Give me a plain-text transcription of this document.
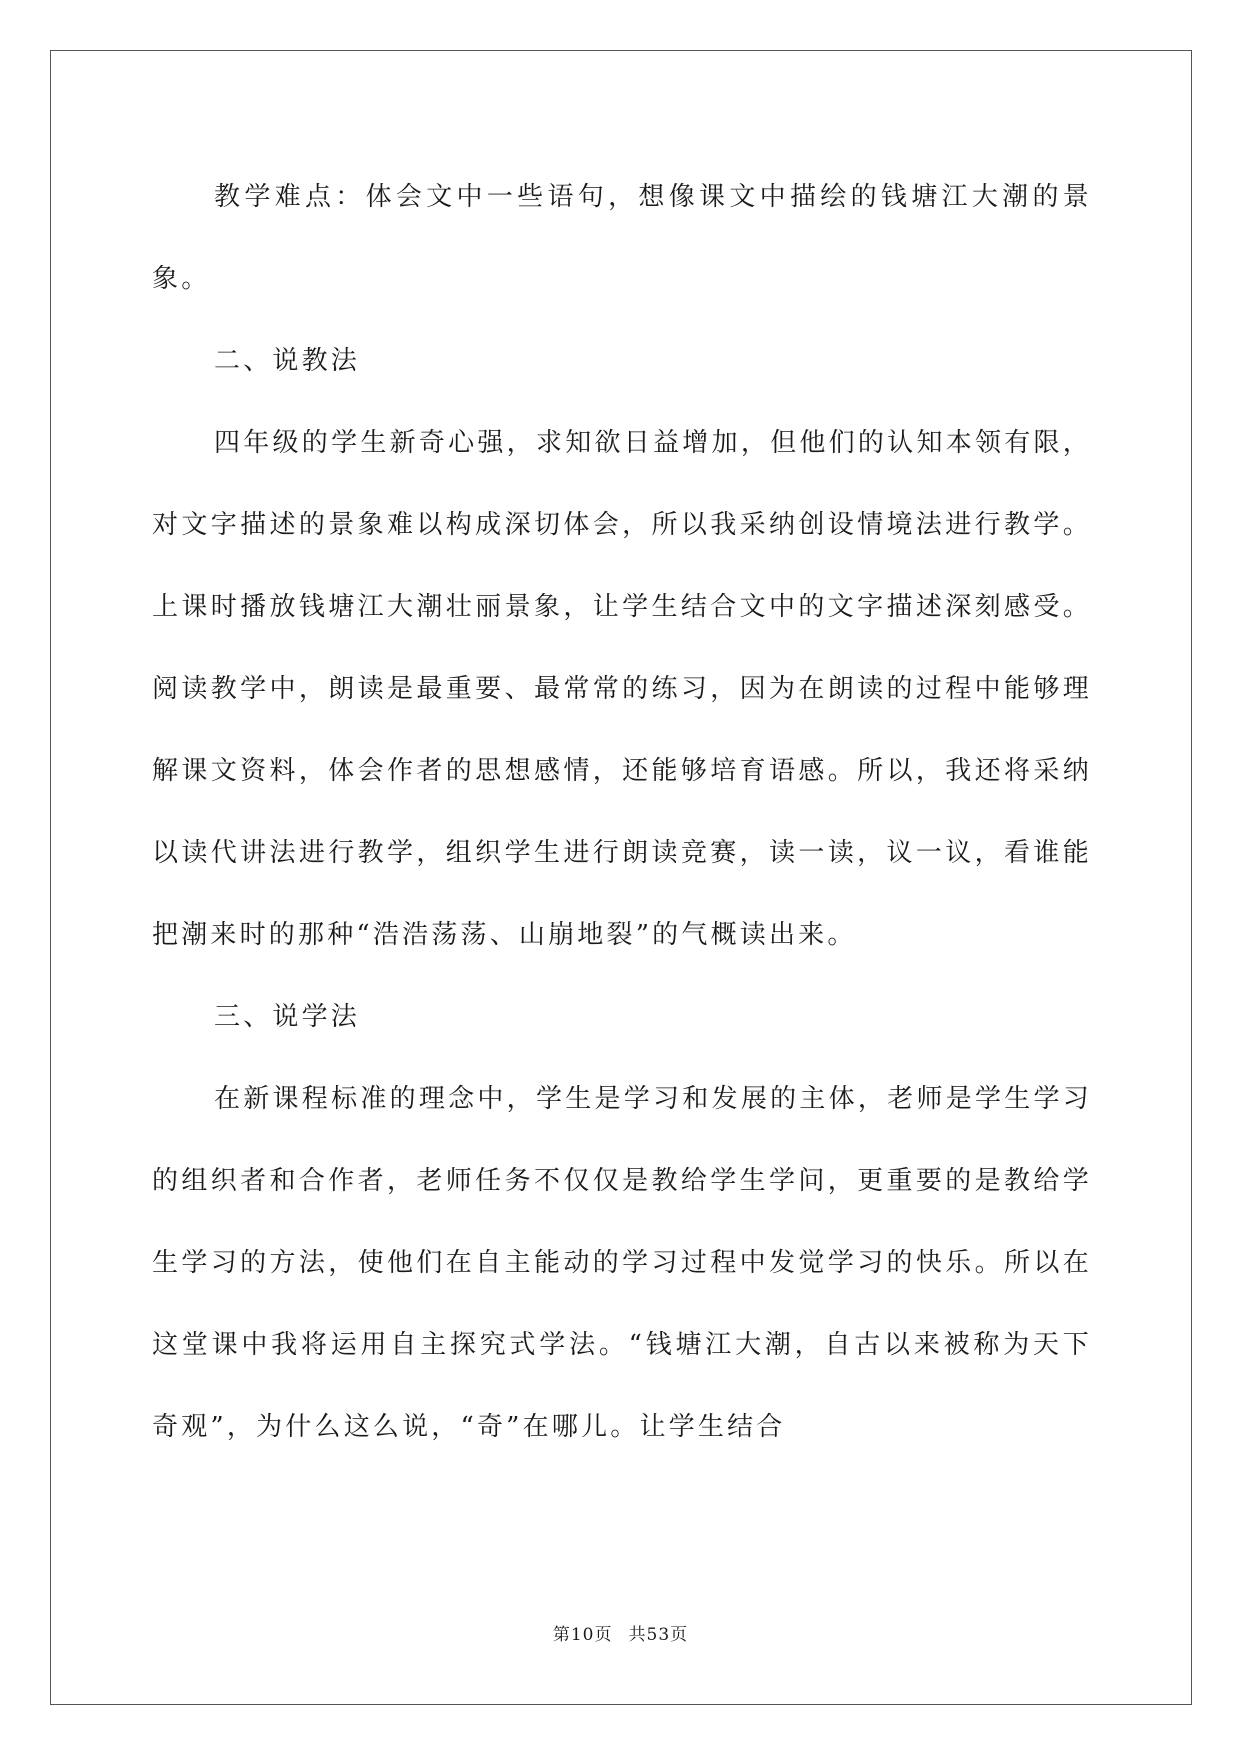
教学难点：体会文中一些语句，想像课文中描绘的钱塘江大潮的景象。

二、说教法

四年级的学生新奇心强，求知欲日益增加，但他们的认知本领有限，对文字描述的景象难以构成深切体会，所以我采纳创设情境法进行教学。上课时播放钱塘江大潮壮丽景象，让学生结合文中的文字描述深刻感受。阅读教学中，朗读是最重要、最常常的练习，因为在朗读的过程中能够理解课文资料，体会作者的思想感情，还能够培育语感。所以，我还将采纳以读代讲法进行教学，组织学生进行朗读竞赛，读一读，议一议，看谁能把潮来时的那种“浩浩荡荡、山崩地裂”的气概读出来。

三、说学法

在新课程标准的理念中，学生是学习和发展的主体，老师是学生学习的组织者和合作者，老师任务不仅仅是教给学生学问，更重要的是教给学生学习的方法，使他们在自主能动的学习过程中发觉学习的快乐。所以在这堂课中我将运用自主探究式学法。“钱塘江大潮，自古以来被称为天下奇观”，为什么这么说，“奇”在哪儿。让学生结合

第10页 共53页
